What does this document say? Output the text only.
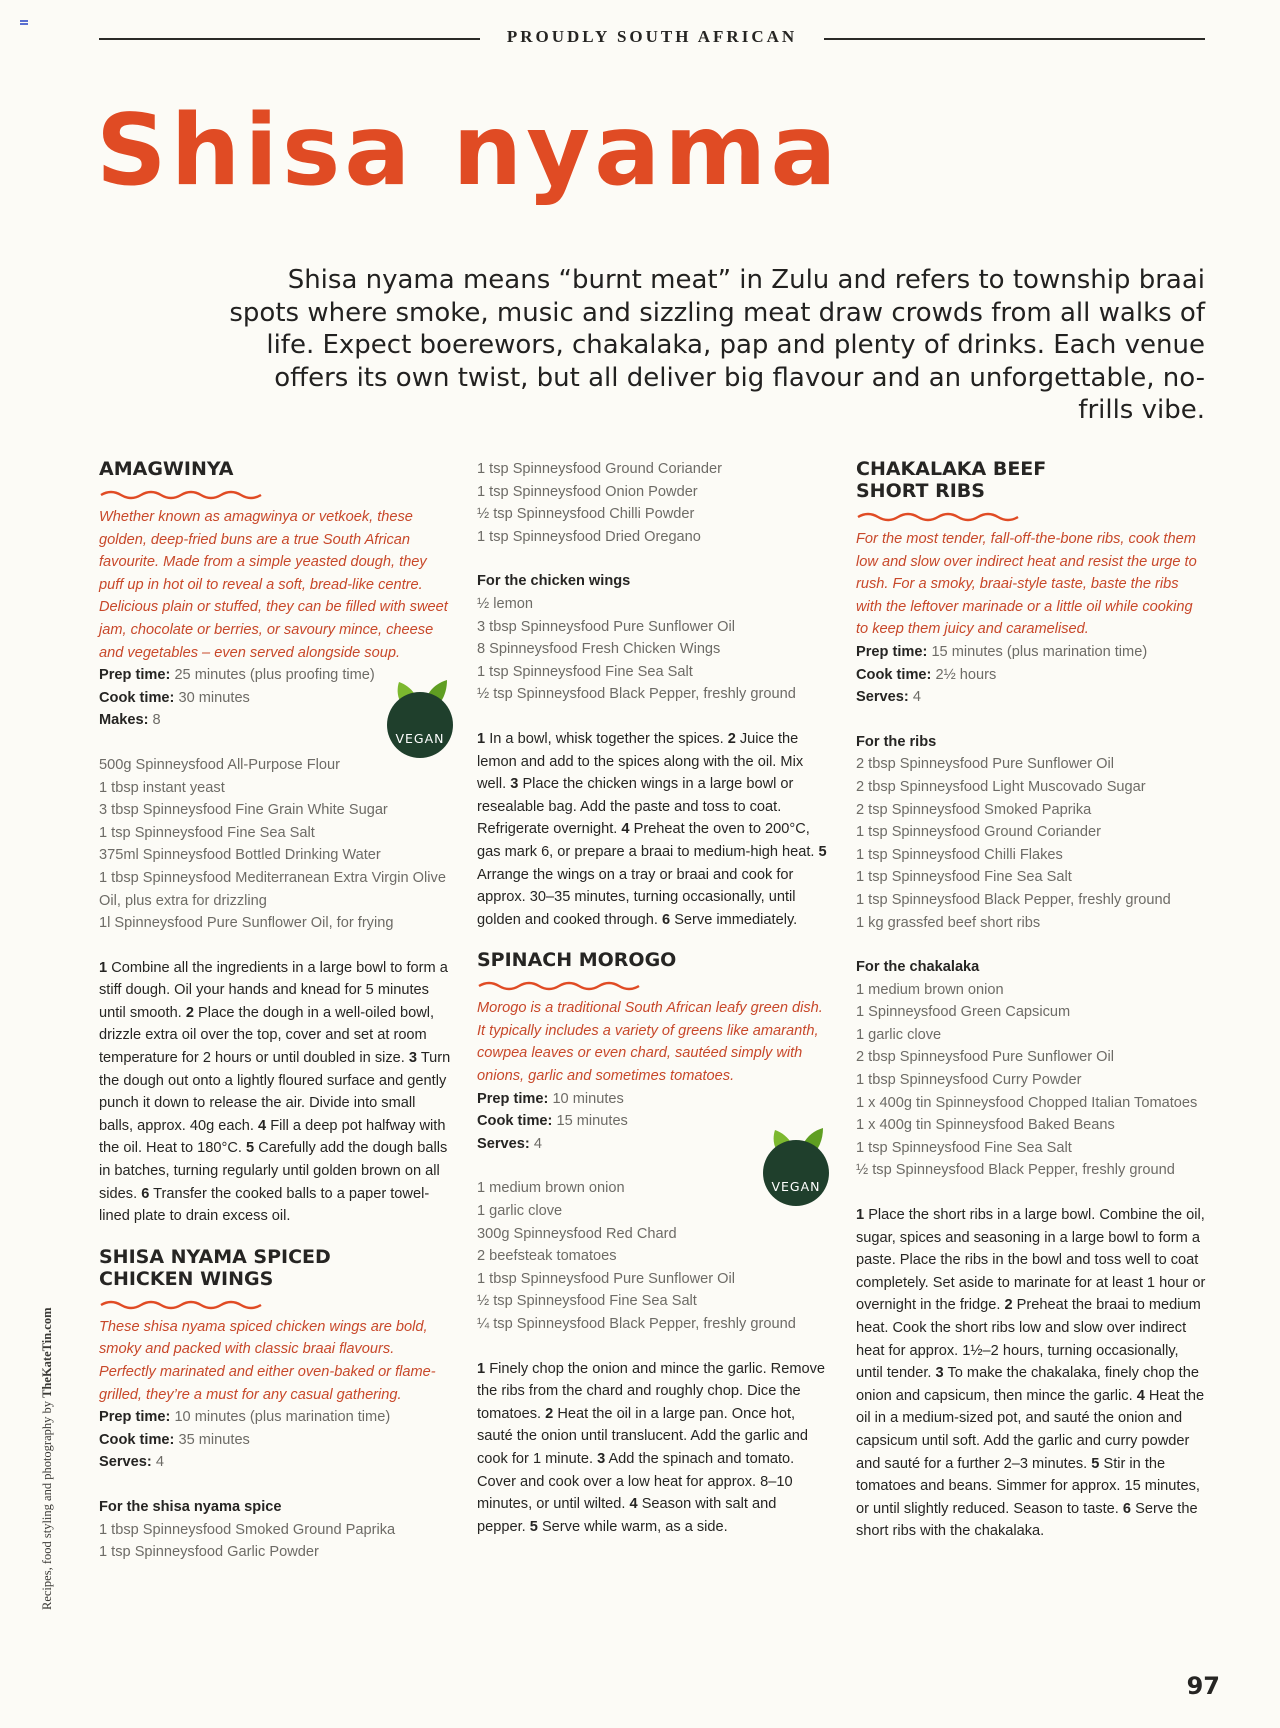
PROUDLY SOUTH AFRICAN
Shisa nyama

Shisa nyama means “burnt meat” in Zulu and refers to township braai spots where smoke, music and sizzling meat draw crowds from all walks of life. Expect boerewors, chakalaka, pap and plenty of drinks. Each venue offers its own twist, but all deliver big flavour and an unforgettable, no-frills vibe.

AMAGWINYA

Whether known as amagwinya or vetkoek, these golden, deep-fried buns are a true South African favourite. Made from a simple yeasted dough, they puff up in hot oil to reveal a soft, bread-like centre. Delicious plain or stuffed, they can be filled with sweet jam, chocolate or berries, or savoury mince, cheese and vegetables – even served alongside soup.

Prep time: 25 minutes (plus proofing time)
Cook time: 30 minutes
Makes: 8
500g Spinneysfood All-Purpose Flour
1 tbsp instant yeast
3 tbsp Spinneysfood Fine Grain White Sugar
1 tsp Spinneysfood Fine Sea Salt
375ml Spinneysfood Bottled Drinking Water
1 tbsp Spinneysfood Mediterranean Extra Virgin Olive Oil, plus extra for drizzling
1l Spinneysfood Pure Sunflower Oil, for frying

1 Combine all the ingredients in a large bowl to form a stiff dough. Oil your hands and knead for 5 minutes until smooth. 2 Place the dough in a well-oiled bowl, drizzle extra oil over the top, cover and set at room temperature for 2 hours or until doubled in size. 3 Turn the dough out onto a lightly floured surface and gently punch it down to release the air. Divide into small balls, approx. 40g each. 4 Fill a deep pot halfway with the oil. Heat to 180°C. 5 Carefully add the dough balls in batches, turning regularly until golden brown on all sides. 6 Transfer the cooked balls to a paper towel-lined plate to drain excess oil.

SHISA NYAMA SPICED
CHICKEN WINGS

These shisa nyama spiced chicken wings are bold, smoky and packed with classic braai flavours. Perfectly marinated and either oven-baked or flame-grilled, they’re a must for any casual gathering.

Prep time: 10 minutes (plus marination time)
Cook time: 35 minutes
Serves: 4
For the shisa nyama spice
1 tbsp Spinneysfood Smoked Ground Paprika
1 tsp Spinneysfood Garlic Powder
VEGAN
1 tsp Spinneysfood Ground Coriander
1 tsp Spinneysfood Onion Powder
½ tsp Spinneysfood Chilli Powder
1 tsp Spinneysfood Dried Oregano
For the chicken wings
½ lemon
3 tbsp Spinneysfood Pure Sunflower Oil
8 Spinneysfood Fresh Chicken Wings
1 tsp Spinneysfood Fine Sea Salt
½ tsp Spinneysfood Black Pepper, freshly ground

1 In a bowl, whisk together the spices. 2 Juice the lemon and add to the spices along with the oil. Mix well. 3 Place the chicken wings in a large bowl or resealable bag. Add the paste and toss to coat. Refrigerate overnight. 4 Preheat the oven to 200°C, gas mark 6, or prepare a braai to medium-high heat. 5 Arrange the wings on a tray or braai and cook for approx. 30–35 minutes, turning occasionally, until golden and cooked through. 6 Serve immediately.

SPINACH MOROGO

Morogo is a traditional South African leafy green dish. It typically includes a variety of greens like amaranth, cowpea leaves or even chard, sautéed simply with onions, garlic and sometimes tomatoes.

Prep time: 10 minutes
Cook time: 15 minutes
Serves: 4
1 medium brown onion
1 garlic clove
300g Spinneysfood Red Chard
2 beefsteak tomatoes
1 tbsp Spinneysfood Pure Sunflower Oil
½ tsp Spinneysfood Fine Sea Salt
¼ tsp Spinneysfood Black Pepper, freshly ground

1 Finely chop the onion and mince the garlic. Remove the ribs from the chard and roughly chop. Dice the tomatoes. 2 Heat the oil in a large pan. Once hot, sauté the onion until translucent. Add the garlic and cook for 1 minute. 3 Add the spinach and tomato. Cover and cook over a low heat for approx. 8–10 minutes, or until wilted. 4 Season with salt and pepper. 5 Serve while warm, as a side.

VEGAN
CHAKALAKA BEEF
SHORT RIBS

For the most tender, fall-off-the-bone ribs, cook them low and slow over indirect heat and resist the urge to rush. For a smoky, braai-style taste, baste the ribs with the leftover marinade or a little oil while cooking to keep them juicy and caramelised.

Prep time: 15 minutes (plus marination time)
Cook time: 2½ hours
Serves: 4
For the ribs
2 tbsp Spinneysfood Pure Sunflower Oil
2 tbsp Spinneysfood Light Muscovado Sugar
2 tsp Spinneysfood Smoked Paprika
1 tsp Spinneysfood Ground Coriander
1 tsp Spinneysfood Chilli Flakes
1 tsp Spinneysfood Fine Sea Salt
1 tsp Spinneysfood Black Pepper, freshly ground
1 kg grassfed beef short ribs
For the chakalaka
1 medium brown onion
1 Spinneysfood Green Capsicum
1 garlic clove
2 tbsp Spinneysfood Pure Sunflower Oil
1 tbsp Spinneysfood Curry Powder
1 x 400g tin Spinneysfood Chopped Italian Tomatoes
1 x 400g tin Spinneysfood Baked Beans
1 tsp Spinneysfood Fine Sea Salt
½ tsp Spinneysfood Black Pepper, freshly ground

1 Place the short ribs in a large bowl. Combine the oil, sugar, spices and seasoning in a large bowl to form a paste. Place the ribs in the bowl and toss well to coat completely. Set aside to marinate for at least 1 hour or overnight in the fridge. 2 Preheat the braai to medium heat. Cook the short ribs low and slow over indirect heat for approx. 1½–2 hours, turning occasionally, until tender. 3 To make the chakalaka, finely chop the onion and capsicum, then mince the garlic. 4 Heat the oil in a medium-sized pot, and sauté the onion and capsicum until soft. Add the garlic and curry powder and sauté for a further 2–3 minutes. 5 Stir in the tomatoes and beans. Simmer for approx. 15 minutes, or until slightly reduced. Season to taste. 6 Serve the short ribs with the chakalaka.

Recipes, food styling and photography by TheKateTin.com
97
